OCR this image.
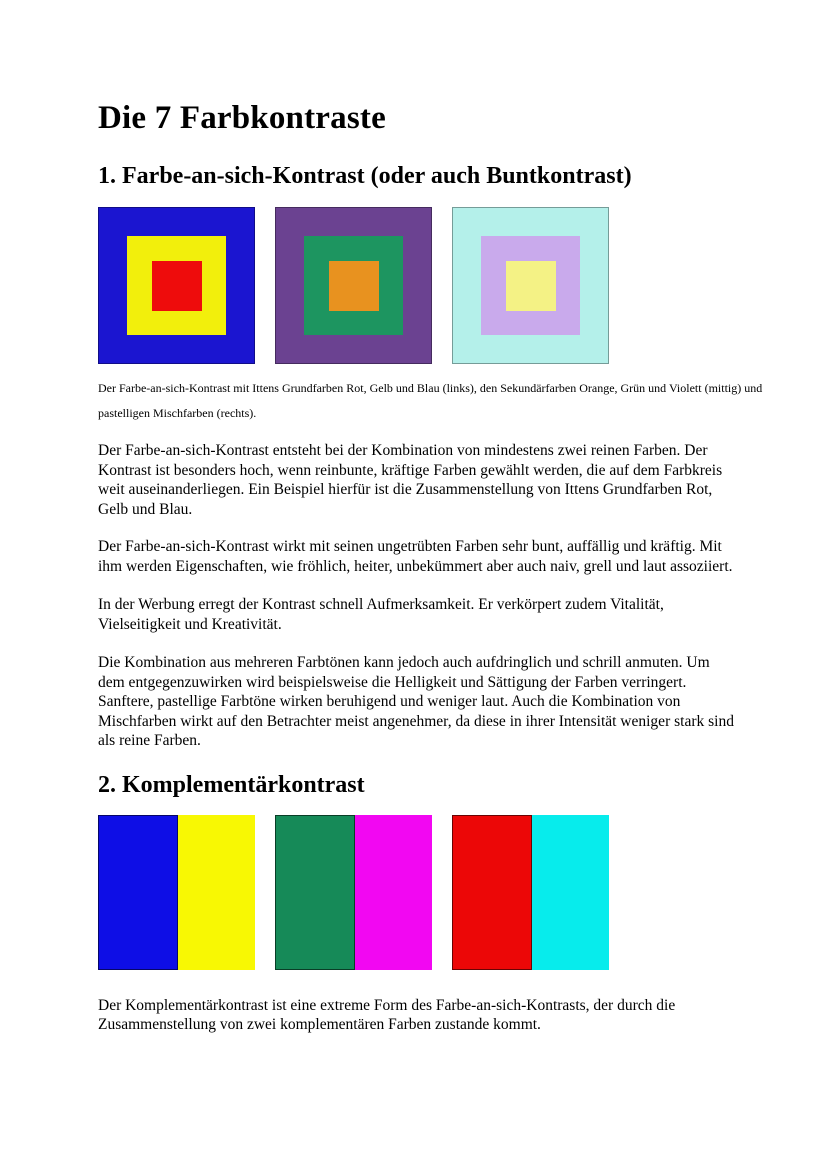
Die 7 Farbkontraste
1. Farbe-an-sich-Kontrast (oder auch Buntkontrast)
Der Farbe-an-sich-Kontrast mit Ittens Grundfarben Rot, Gelb und Blau (links), den Sekundärfarben Orange, Grün und Violett (mittig) und
pastelligen Mischfarben (rechts).

Der Farbe-an-sich-Kontrast entsteht bei der Kombination von mindestens zwei reinen Farben. Der Kontrast ist besonders hoch, wenn reinbunte, kräftige Farben gewählt werden, die auf dem Farbkreis weit auseinanderliegen. Ein Beispiel hierfür ist die Zusammenstellung von Ittens Grundfarben Rot, Gelb und Blau.

Der Farbe-an-sich-Kontrast wirkt mit seinen ungetrübten Farben sehr bunt, auffällig und kräftig. Mit ihm werden Eigenschaften, wie fröhlich, heiter, unbekümmert aber auch naiv, grell und laut assoziiert.

In der Werbung erregt der Kontrast schnell Aufmerksamkeit. Er verkörpert zudem Vitalität, Vielseitigkeit und Kreativität.

Die Kombination aus mehreren Farbtönen kann jedoch auch aufdringlich und schrill anmuten. Um dem entgegenzuwirken wird beispielsweise die Helligkeit und Sättigung der Farben verringert. Sanftere, pastellige Farbtöne wirken beruhigend und weniger laut. Auch die Kombination von Mischfarben wirkt auf den Betrachter meist angenehmer, da diese in ihrer Intensität weniger stark sind als reine Farben.

2. Komplementärkontrast

Der Komplementärkontrast ist eine extreme Form des Farbe-an-sich-Kontrasts, der durch die Zusammenstellung von zwei komplementären Farben zustande kommt.
